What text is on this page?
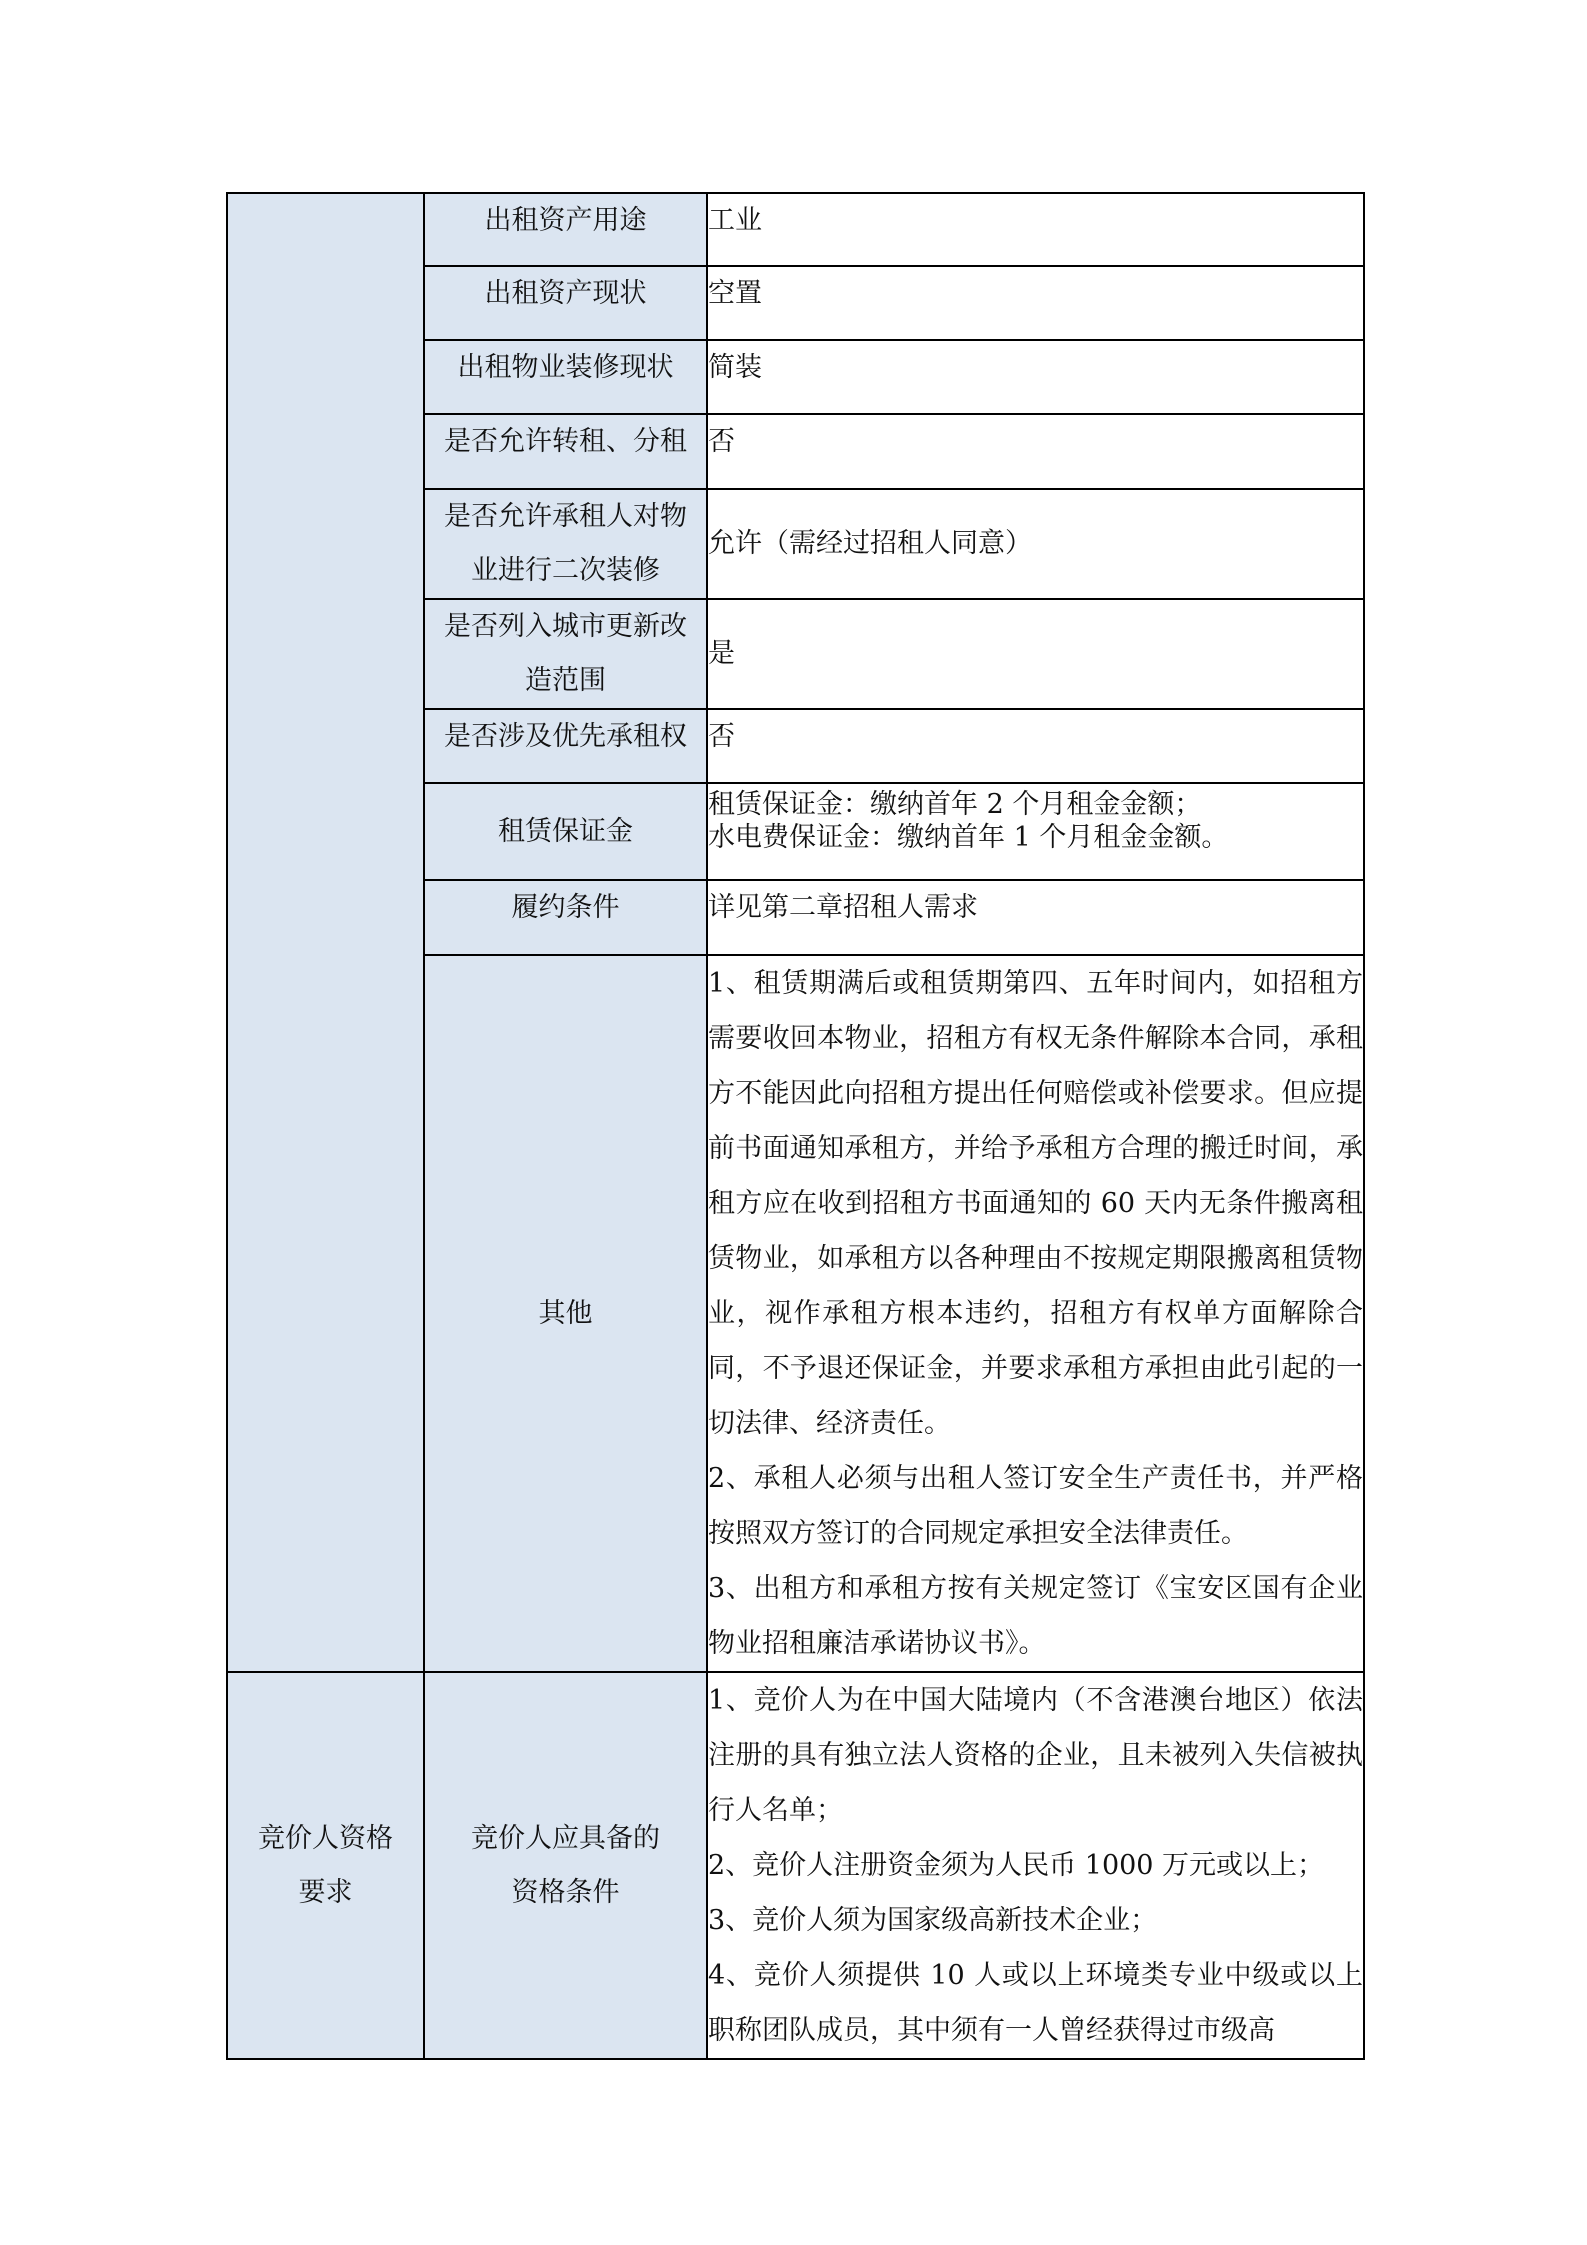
	出租资产用途	工业

	出租资产现状	空置

	出租物业装修现状	简装

	是否允许转租、分租	否

	是否允许承租人对物
业进行二次装修	允许（需经过招租人同意）

	是否列入城市更新改
造范围	是

	是否涉及优先承租权	否

	租赁保证金	租赁保证金：缴纳首年 2 个月租金金额；
水电费保证金：缴纳首年 1 个月租金金额。

	履约条件	详见第二章招租人需求

	其他	1、租赁期满后或租赁期第四、五年时间内，如招租方需要收回本物业，招租方有权无条件解除本合同，承租方不能因此向招租方提出任何赔偿或补偿要求。但应提前书面通知承租方，并给予承租方合理的搬迁时间，承租方应在收到招租方书面通知的 60 天内无条件搬离租赁物业，如承租方以各种理由不按规定期限搬离租赁物业，视作承租方根本违约，招租方有权单方面解除合同，不予退还保证金，并要求承租方承担由此引起的一切法律、经济责任。
2、承租人必须与出租人签订安全生产责任书，并严格按照双方签订的合同规定承担安全法律责任。
3、出租方和承租方按有关规定签订《宝安区国有企业物业招租廉洁承诺协议书》。

竞价人资格
要求	竞价人应具备的
资格条件	1、竞价人为在中国大陆境内（不含港澳台地区）依法注册的具有独立法人资格的企业，且未被列入失信被执行人名单；
2、竞价人注册资金须为人民币 1000 万元或以上；
3、竞价人须为国家级高新技术企业；
4、竞价人须提供 10 人或以上环境类专业中级或以上职称团队成员，其中须有一人曾经获得过市级高
